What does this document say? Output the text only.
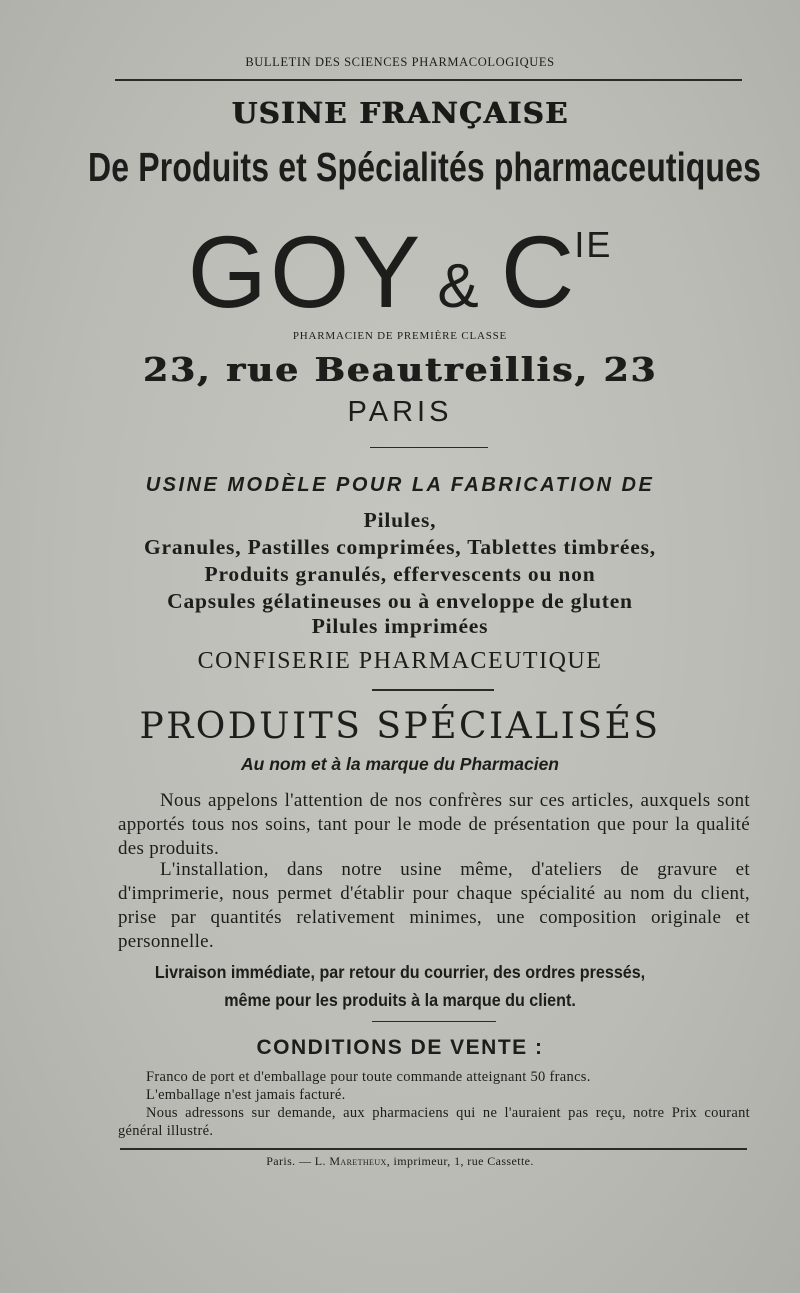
BULLETIN DES SCIENCES PHARMACOLOGIQUES
USINE FRANÇAISE
De Produits et Spécialités pharmaceutiques
GOY & CIE
PHARMACIEN DE PREMIÈRE CLASSE
23, rue Beautreillis, 23
PARIS
USINE MODÈLE POUR LA FABRICATION DE
Pilules,
Granules, Pastilles comprimées, Tablettes timbrées,
Produits granulés, effervescents ou non
Capsules gélatineuses ou à enveloppe de gluten
Pilules imprimées
CONFISERIE PHARMACEUTIQUE
PRODUITS SPÉCIALISÉS
Au nom et à la marque du Pharmacien
Nous appelons l'attention de nos confrères sur ces articles, auxquels sont apportés tous nos soins, tant pour le mode de présentation que pour la qualité des produits.
L'installation, dans notre usine même, d'ateliers de gravure et d'imprimerie, nous permet d'établir pour chaque spécialité au nom du client, prise par quantités relativement minimes, une composition originale et personnelle.
Livraison immédiate, par retour du courrier, des ordres pressés,
même pour les produits à la marque du client.
CONDITIONS DE VENTE :
Franco de port et d'emballage pour toute commande atteignant 50 francs.
L'emballage n'est jamais facturé.
Nous adressons sur demande, aux pharmaciens qui ne l'auraient pas reçu, notre Prix courant général illustré.
Paris. — L. Maretheux, imprimeur, 1, rue Cassette.
